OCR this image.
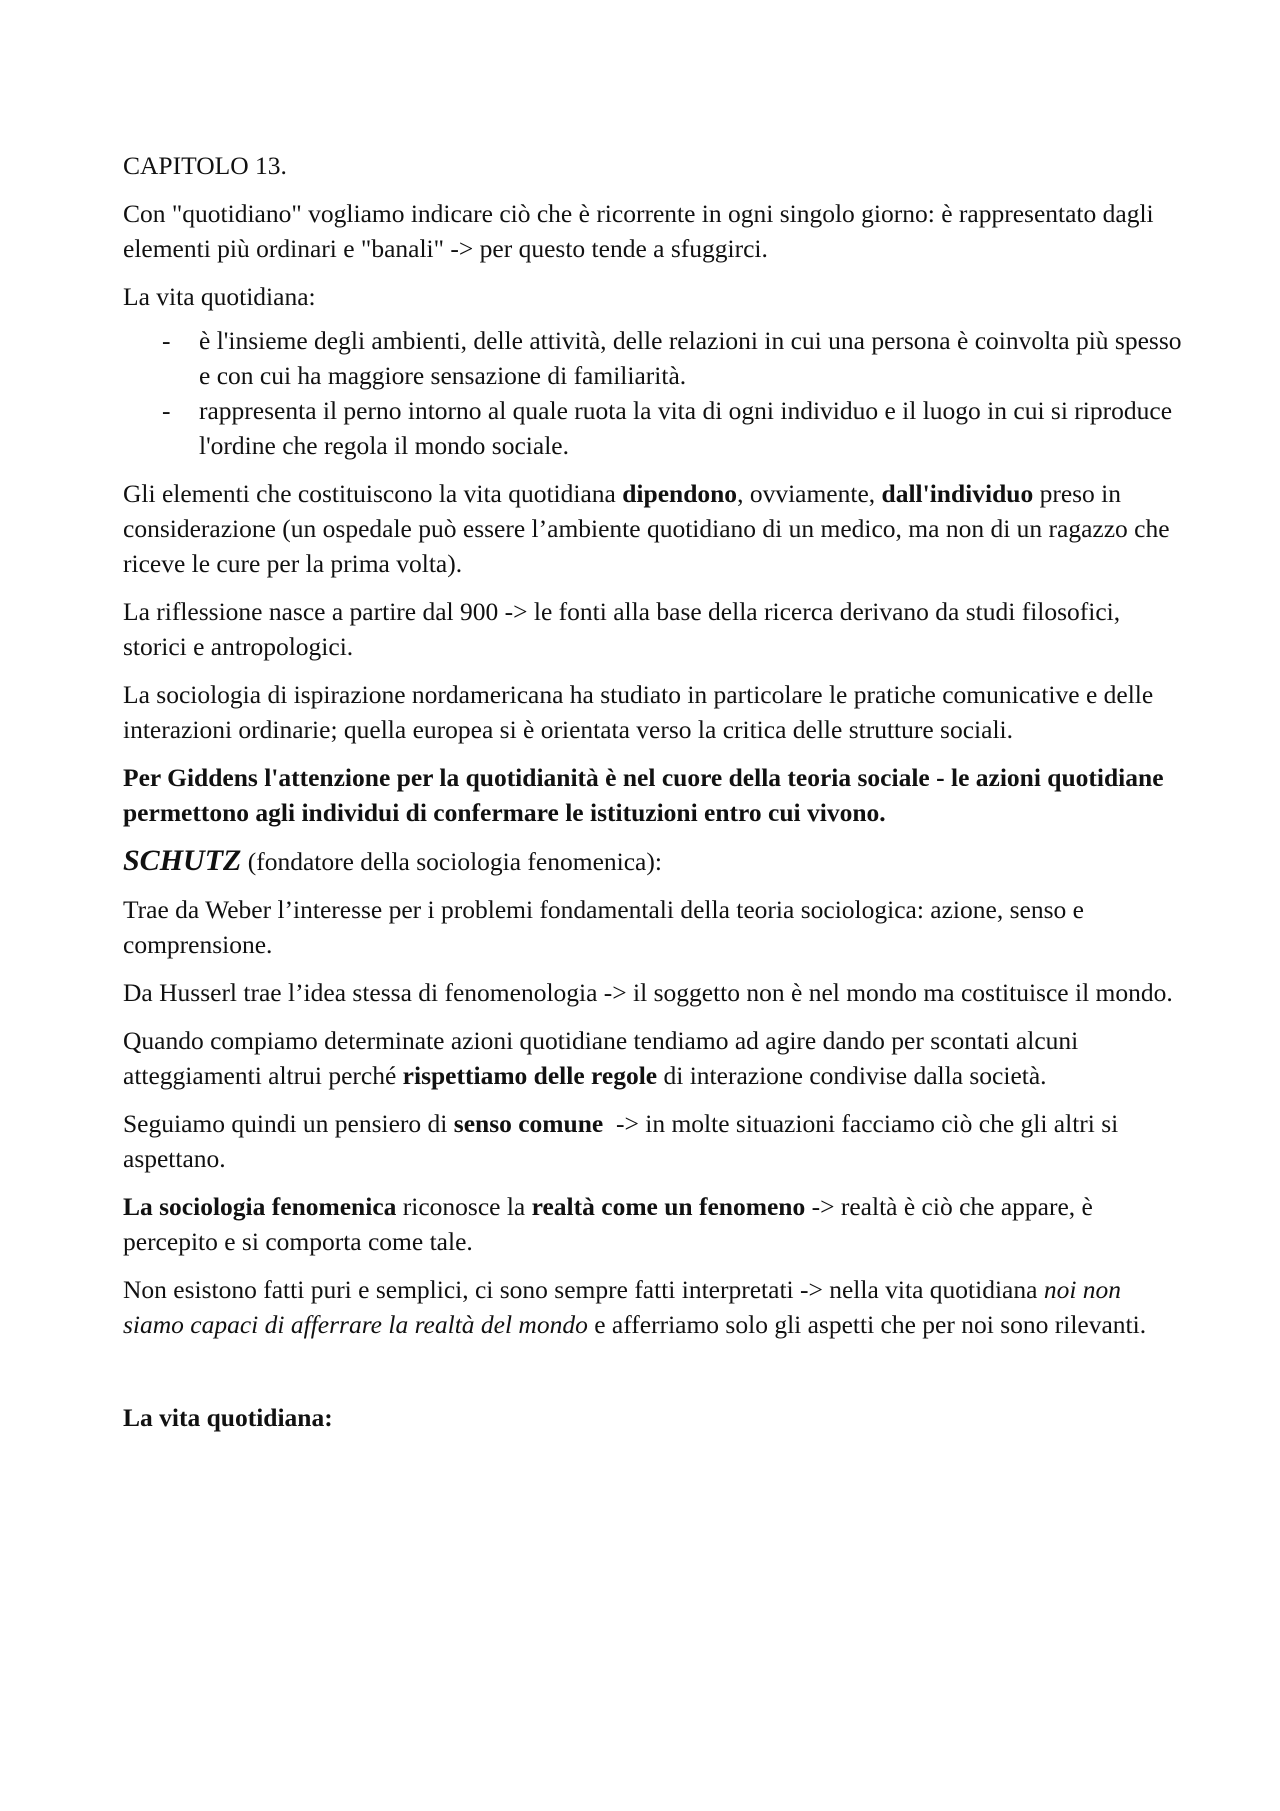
CAPITOLO 13.

Con "quotidiano" vogliamo indicare ciò che è ricorrente in ogni singolo giorno: è rappresentato dagli elementi più ordinari e "banali" -> per questo tende a sfuggirci.

La vita quotidiana:

- è l'insieme degli ambienti, delle attività, delle relazioni in cui una persona è coinvolta più spesso e con cui ha maggiore sensazione di familiarità.
- rappresenta il perno intorno al quale ruota la vita di ogni individuo e il luogo in cui si riproduce l'ordine che regola il mondo sociale.

Gli elementi che costituiscono la vita quotidiana dipendono, ovviamente, dall'individuo preso in considerazione (un ospedale può essere l’ambiente quotidiano di un medico, ma non di un ragazzo che riceve le cure per la prima volta).

La riflessione nasce a partire dal 900 -> le fonti alla base della ricerca derivano da studi filosofici, storici e antropologici.

La sociologia di ispirazione nordamericana ha studiato in particolare le pratiche comunicative e delle interazioni ordinarie; quella europea si è orientata verso la critica delle strutture sociali.

Per Giddens l'attenzione per la quotidianità è nel cuore della teoria sociale - le azioni quotidiane permettono agli individui di confermare le istituzioni entro cui vivono.

SCHUTZ (fondatore della sociologia fenomenica):

Trae da Weber l’interesse per i problemi fondamentali della teoria sociologica: azione, senso e comprensione.

Da Husserl trae l’idea stessa di fenomenologia -> il soggetto non è nel mondo ma costituisce il mondo.

Quando compiamo determinate azioni quotidiane tendiamo ad agire dando per scontati alcuni atteggiamenti altrui perché rispettiamo delle regole di interazione condivise dalla società.

Seguiamo quindi un pensiero di senso comune  -> in molte situazioni facciamo ciò che gli altri si aspettano.

La sociologia fenomenica riconosce la realtà come un fenomeno -> realtà è ciò che appare, è percepito e si comporta come tale.

Non esistono fatti puri e semplici, ci sono sempre fatti interpretati -> nella vita quotidiana noi non siamo capaci di afferrare la realtà del mondo e afferriamo solo gli aspetti che per noi sono rilevanti.

La vita quotidiana:
